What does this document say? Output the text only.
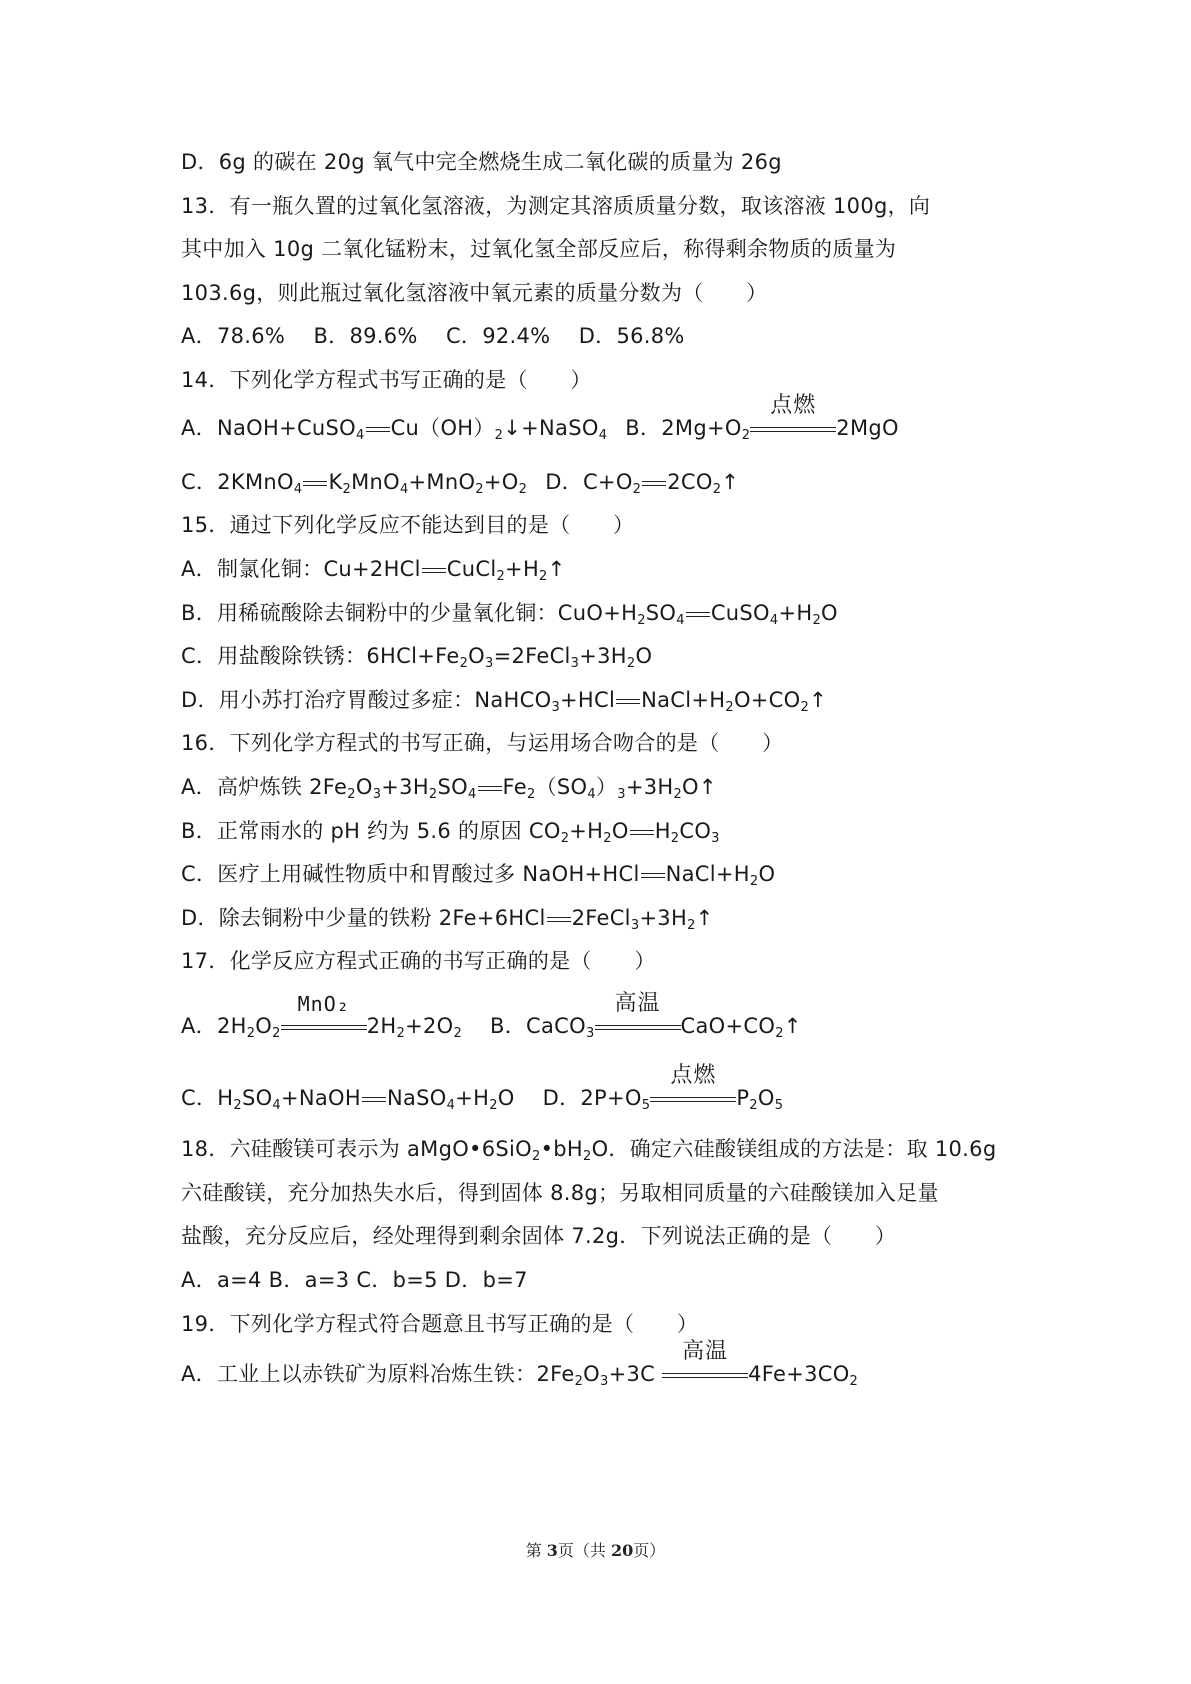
D．6g 的碳在 20g 氧气中完全燃烧生成二氧化碳的质量为 26g
13．有一瓶久置的过氧化氢溶液，为测定其溶质质量分数，取该溶液 100g，向
其中加入 10g 二氧化锰粉末，过氧化氢全部反应后，称得剩余物质的质量为
103.6g，则此瓶过氧化氢溶液中氧元素的质量分数为（　　）
A．78.6%　 B．89.6%　 C．92.4%　 D．56.8%
14．下列化学方程式书写正确的是（　　）
A．NaOH+CuSO$_4$ $Cu(OH)_2↓+NaSO_4$ B．$2Mg+O_2$
点燃
2MgO
C．2KMnO$_4$ $K_2MnO_4+MnO_2+O_2$ D．$C+O_2$ $2CO_2↑$
15．通过下列化学反应不能达到目的是（　　）
A．制氯化铜：Cu+2HCl $CuCl_2+H_2↑$
B．用稀硫酸除去铜粉中的少量氧化铜：$CuO+H_2SO_4$ $CuSO_4+H_2O$
C．用盐酸除铁锈：$6HCl+Fe_2O_3=2FeCl_3+3H_2O$
D．用小苏打治疗胃酸过多症：NaHCO$_3$+HCl $NaCl+H_2O+CO_2↑$
16．下列化学方程式的书写正确，与运用场合吻合的是（　　）
A．高炉炼铁 $2Fe_2O_3+3H_2SO_4$ $Fe_2(SO_4)_3+3H_2O↑$
B．正常雨水的 pH 约为 5.6 的原因 $CO_2+H_2O$ $H_2CO_3$
C．医疗上用碱性物质中和胃酸过多 NaOH+HCl $NaCl+H_2O$
D．除去铜粉中少量的铁粉 2Fe+6HCl $2FeCl_3+3H_2↑$
17．化学反应方程式正确的书写正确的是（　　）
A．$2H_2O_2$
MnO₂
$2H_2+2O_2$ B．CaCO$_3$
高温
$CaO+CO_2↑$
C．$H_2SO_4+NaOH$ $NaSO_4+H_2O$ D．$2P+O_5$
点燃
$P_2O_5$
18．六硅酸镁可表示为 $aMgO•6SiO_2•bH_2O$．确定六硅酸镁组成的方法是：取 10.6g
六硅酸镁，充分加热失水后，得到固体 8.8g；另取相同质量的六硅酸镁加入足量
盐酸，充分反应后，经处理得到剩余固体 7.2g．下列说法正确的是（　　）
A．a=4 B．a=3 C．b=5 D．b=7
19．下列化学方程式符合题意且书写正确的是（　　）
A．工业上以赤铁矿为原料冶炼生铁：$2Fe_2O_3+3C$
高温
$4Fe+3CO_2$
第 3页（共 20页）
